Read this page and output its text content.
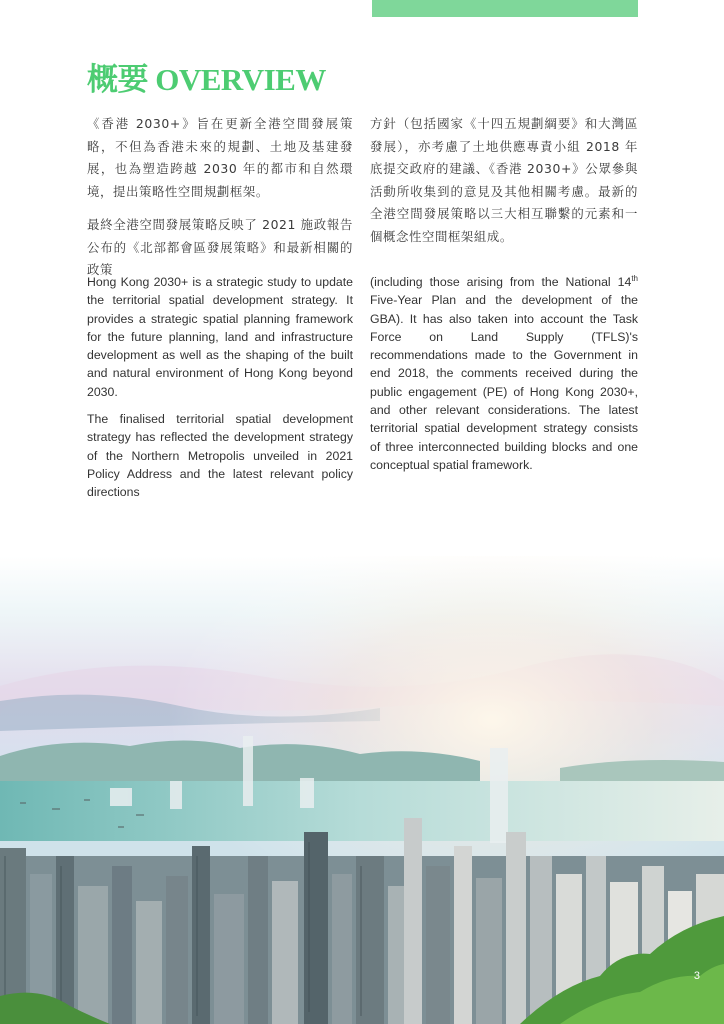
概要 OVERVIEW

《香港 2030+》旨在更新全港空間發展策略，不但為香港未來的規劃、土地及基建發展，也為塑造跨越 2030 年的都市和自然環境，提出策略性空間規劃框架。

最終全港空間發展策略反映了 2021 施政報告公布的《北部都會區發展策略》和最新相關的政策

方針（包括國家《十四五規劃綱要》和大灣區發展），亦考慮了土地供應專責小組 2018 年底提交政府的建議、《香港 2030+》公眾參與活動所收集到的意見及其他相關考慮。最新的全港空間發展策略以三大相互聯繫的元素和一個概念性空間框架組成。

Hong Kong 2030+ is a strategic study to update the territorial spatial development strategy. It provides a strategic spatial planning framework for the future planning, land and infrastructure development as well as the shaping of the built and natural environment of Hong Kong beyond 2030.

The finalised territorial spatial development strategy has reflected the development strategy of the Northern Metropolis unveiled in 2021 Policy Address and the latest relevant policy directions

(including those arising from the National 14th Five-Year Plan and the development of the GBA). It has also taken into account the Task Force on Land Supply (TFLS)'s recommendations made to the Government in end 2018, the comments received during the public engagement (PE) of Hong Kong 2030+, and other relevant considerations. The latest territorial spatial development strategy consists of three interconnected building blocks and one conceptual spatial framework.

3
